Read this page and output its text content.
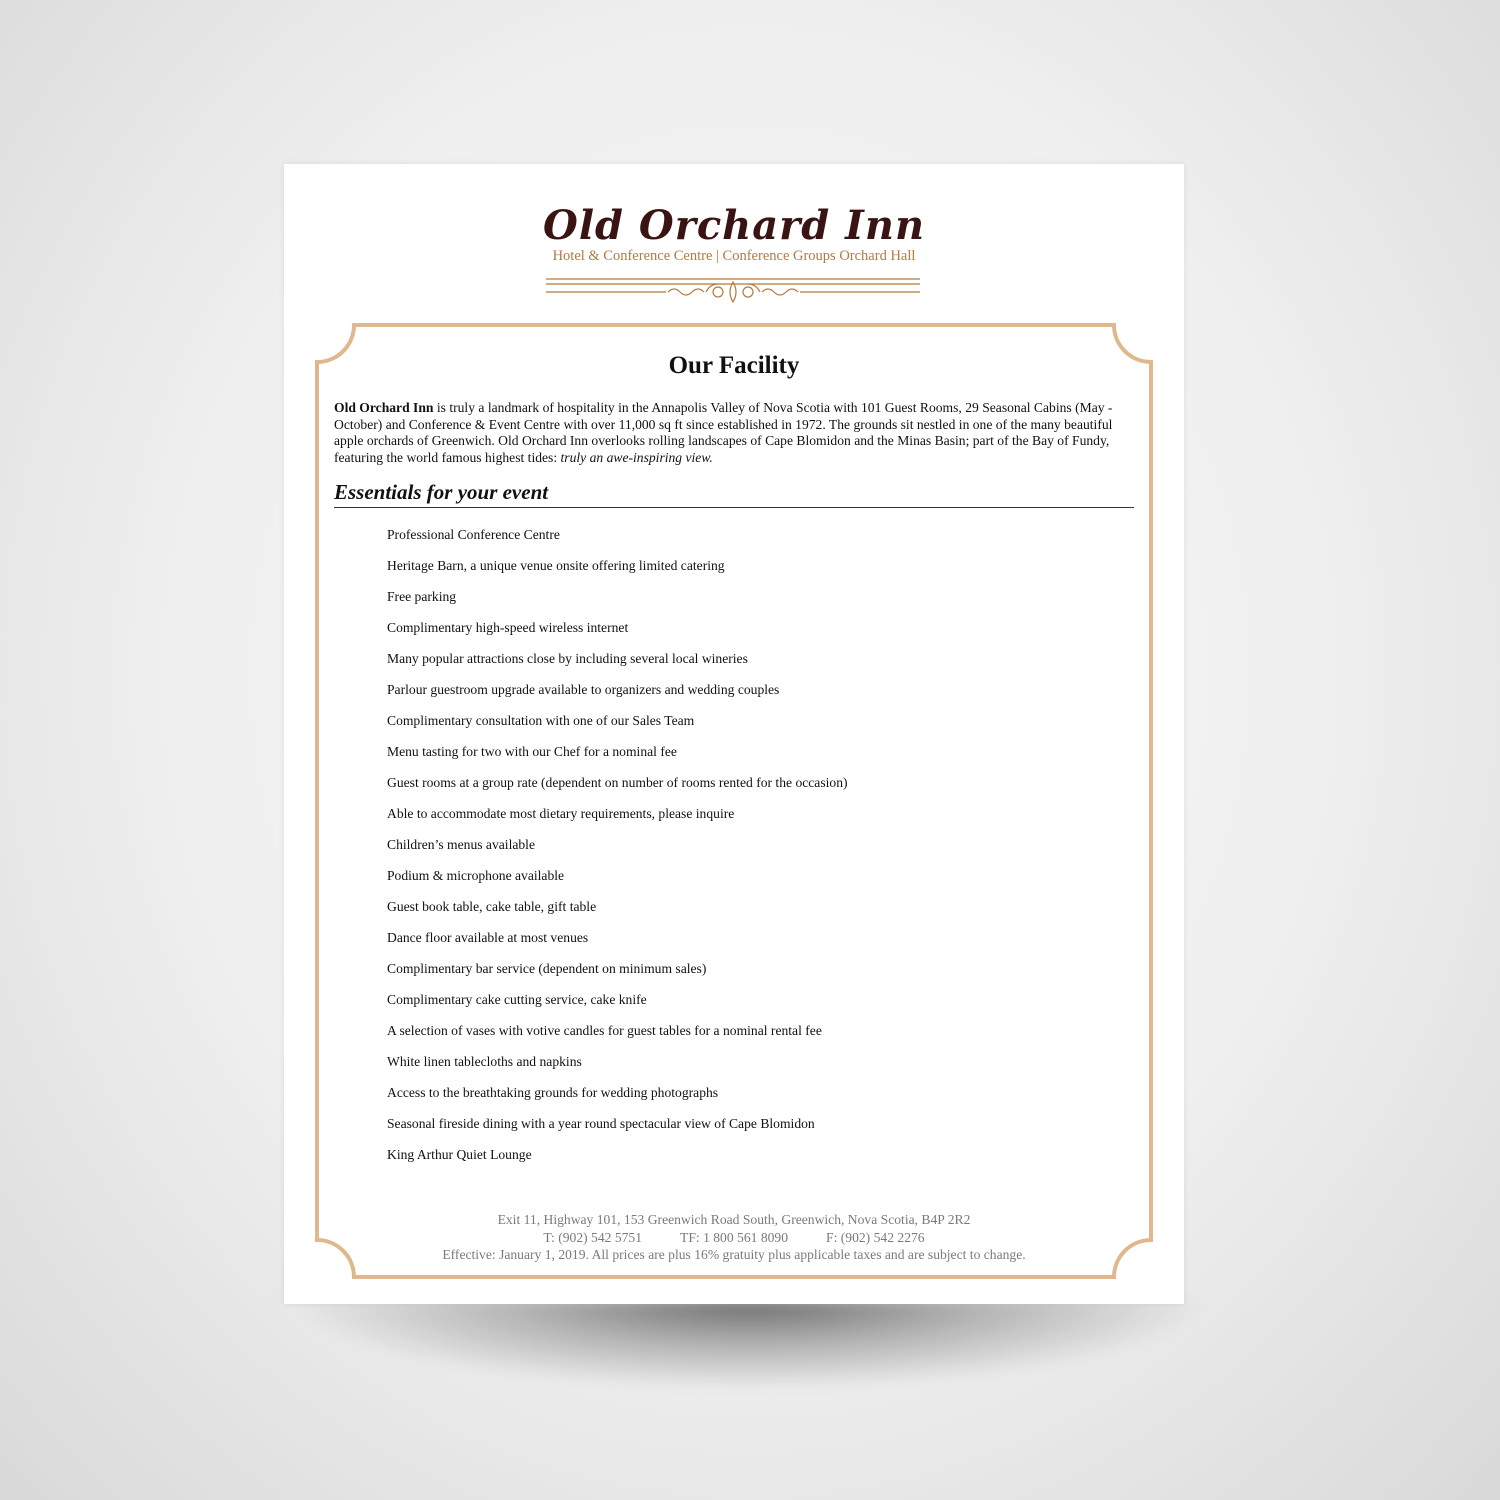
Old Orchard Inn
Hotel & Conference Centre | Conference Groups Orchard Hall
Our Facility
Old Orchard Inn is truly a landmark of hospitality in the Annapolis Valley of Nova Scotia with 101 Guest Rooms, 29 Seasonal Cabins (May - October) and Conference & Event Centre with over 11,000 sq ft since established in 1972. The grounds sit nestled in one of the many beautiful apple orchards of Greenwich. Old Orchard Inn overlooks rolling landscapes of Cape Blomidon and the Minas Basin; part of the Bay of Fundy, featuring the world famous highest tides: truly an awe-inspiring view.
Essentials for your event
Professional Conference Centre
Heritage Barn, a unique venue onsite offering limited catering
Free parking
Complimentary high-speed wireless internet
Many popular attractions close by including several local wineries
Parlour guestroom upgrade available to organizers and wedding couples
Complimentary consultation with one of our Sales Team
Menu tasting for two with our Chef for a nominal fee
Guest rooms at a group rate (dependent on number of rooms rented for the occasion)
Able to accommodate most dietary requirements, please inquire
Children’s menus available
Podium & microphone available
Guest book table, cake table, gift table
Dance floor available at most venues
Complimentary bar service (dependent on minimum sales)
Complimentary cake cutting service, cake knife
A selection of vases with votive candles for guest tables for a nominal rental fee
White linen tablecloths and napkins
Access to the breathtaking grounds for wedding photographs
Seasonal fireside dining with a year round spectacular view of Cape Blomidon
King Arthur Quiet Lounge
Exit 11, Highway 101, 153 Greenwich Road South, Greenwich, Nova Scotia, B4P 2R2
T: (902) 542 5751	TF: 1 800 561 8090	F: (902) 542 2276
Effective: January 1, 2019. All prices are plus 16% gratuity plus applicable taxes and are subject to change.
